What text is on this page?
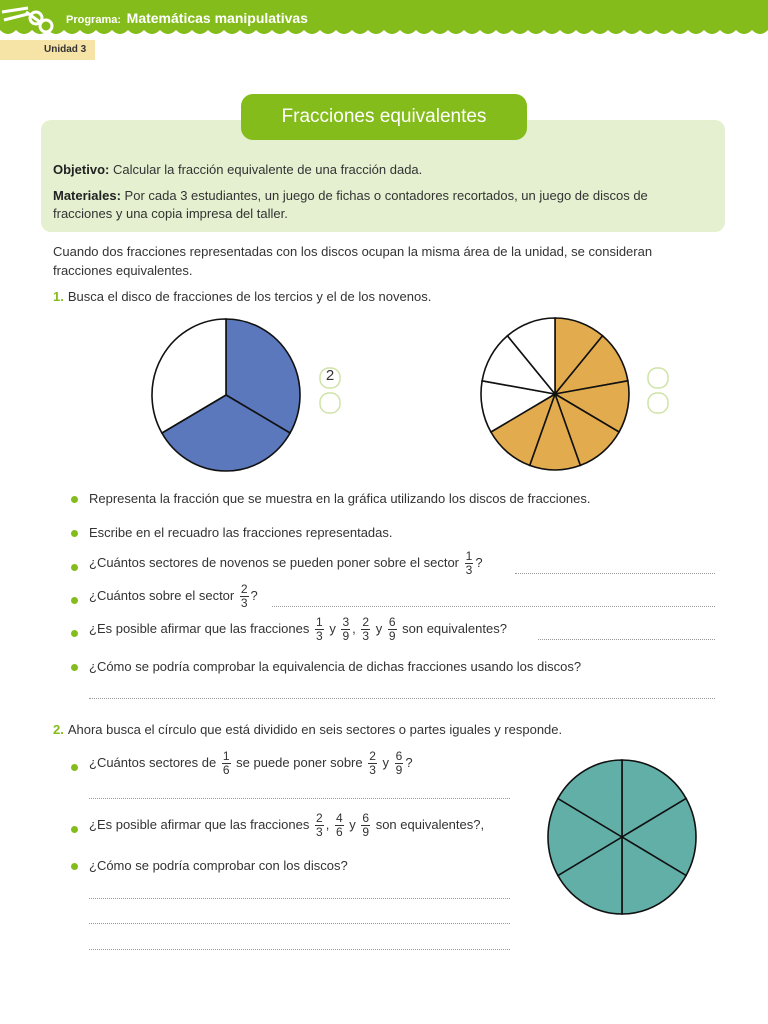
Programa: Matemáticas manipulativas
Unidad 3
Fracciones equivalentes
Objetivo: Calcular la fracción equivalente de una fracción dada.
Materiales: Por cada 3 estudiantes, un juego de fichas o contadores recortados, un juego de discos de
fracciones y una copia impresa del taller.
Cuando dos fracciones representadas con los discos ocupan la misma área de la unidad, se consideran
fracciones equivalentes.
1. Busca el disco de fracciones de los tercios y el de los novenos.
2
Representa la fracción que se muestra en la gráfica utilizando los discos de fracciones.
Escribe en el recuadro las fracciones representadas.
¿Cuántos sectores de novenos se pueden poner sobre el sector $\frac{1}{3}$ ?
¿Cuántos sobre el sector $\frac{2}{3}$ ?
¿Es posible afirmar que las fracciones $\frac{1}{3}$ y $\frac{3}{9}$ , $\frac{2}{3}$ y $\frac{6}{9}$ son equivalentes?
¿Cómo se podría comprobar la equivalencia de dichas fracciones usando los discos?
2. Ahora busca el círculo que está dividido en seis sectores o partes iguales y responde.
¿Cuántos sectores de $\frac{1}{6}$ se puede poner sobre $\frac{2}{3}$ y $\frac{6}{9}$ ?
¿Es posible afirmar que las fracciones $\frac{2}{3}$ , $\frac{4}{6}$ y $\frac{6}{9}$ son equivalentes?,
¿Cómo se podría comprobar con los discos?
